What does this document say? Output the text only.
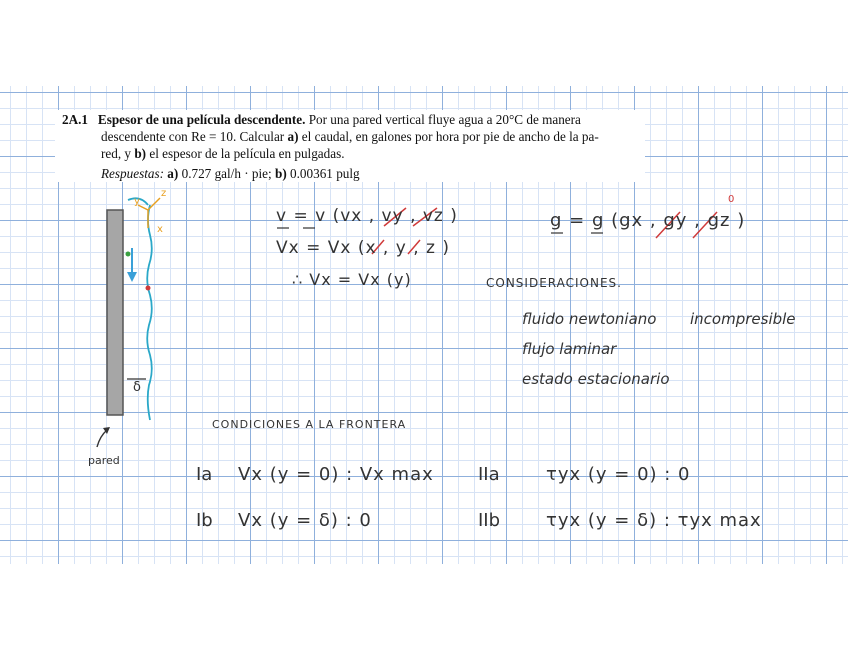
2A.1 Espesor de una película descendente. Por una pared vertical fluye agua a 20°C de manera
descendente con Re = 10. Calcular a) el caudal, en galones por hora por pie de ancho de la pa-
red, y b) el espesor de la película en pulgadas.
Respuestas: a) 0.727 gal/h · pie; b) 0.00361 pulg
y
z
x
δ
pared
v = v (vx , vy , vz )
Vx = Vx (x , y , z )
∴ Vx = Vx (y)
g = g (gx , gy , gz )
0
CONSIDERACIONES.
fluido newtoniano incompresible
flujo laminar
estado estacionario
CONDICIONES A LA FRONTERA
Ia Vx (y = 0) : Vx max IIa	τyx (y = 0) : 0
Ib Vx (y = δ) : 0	IIb	τyx (y = δ) : τyx max
